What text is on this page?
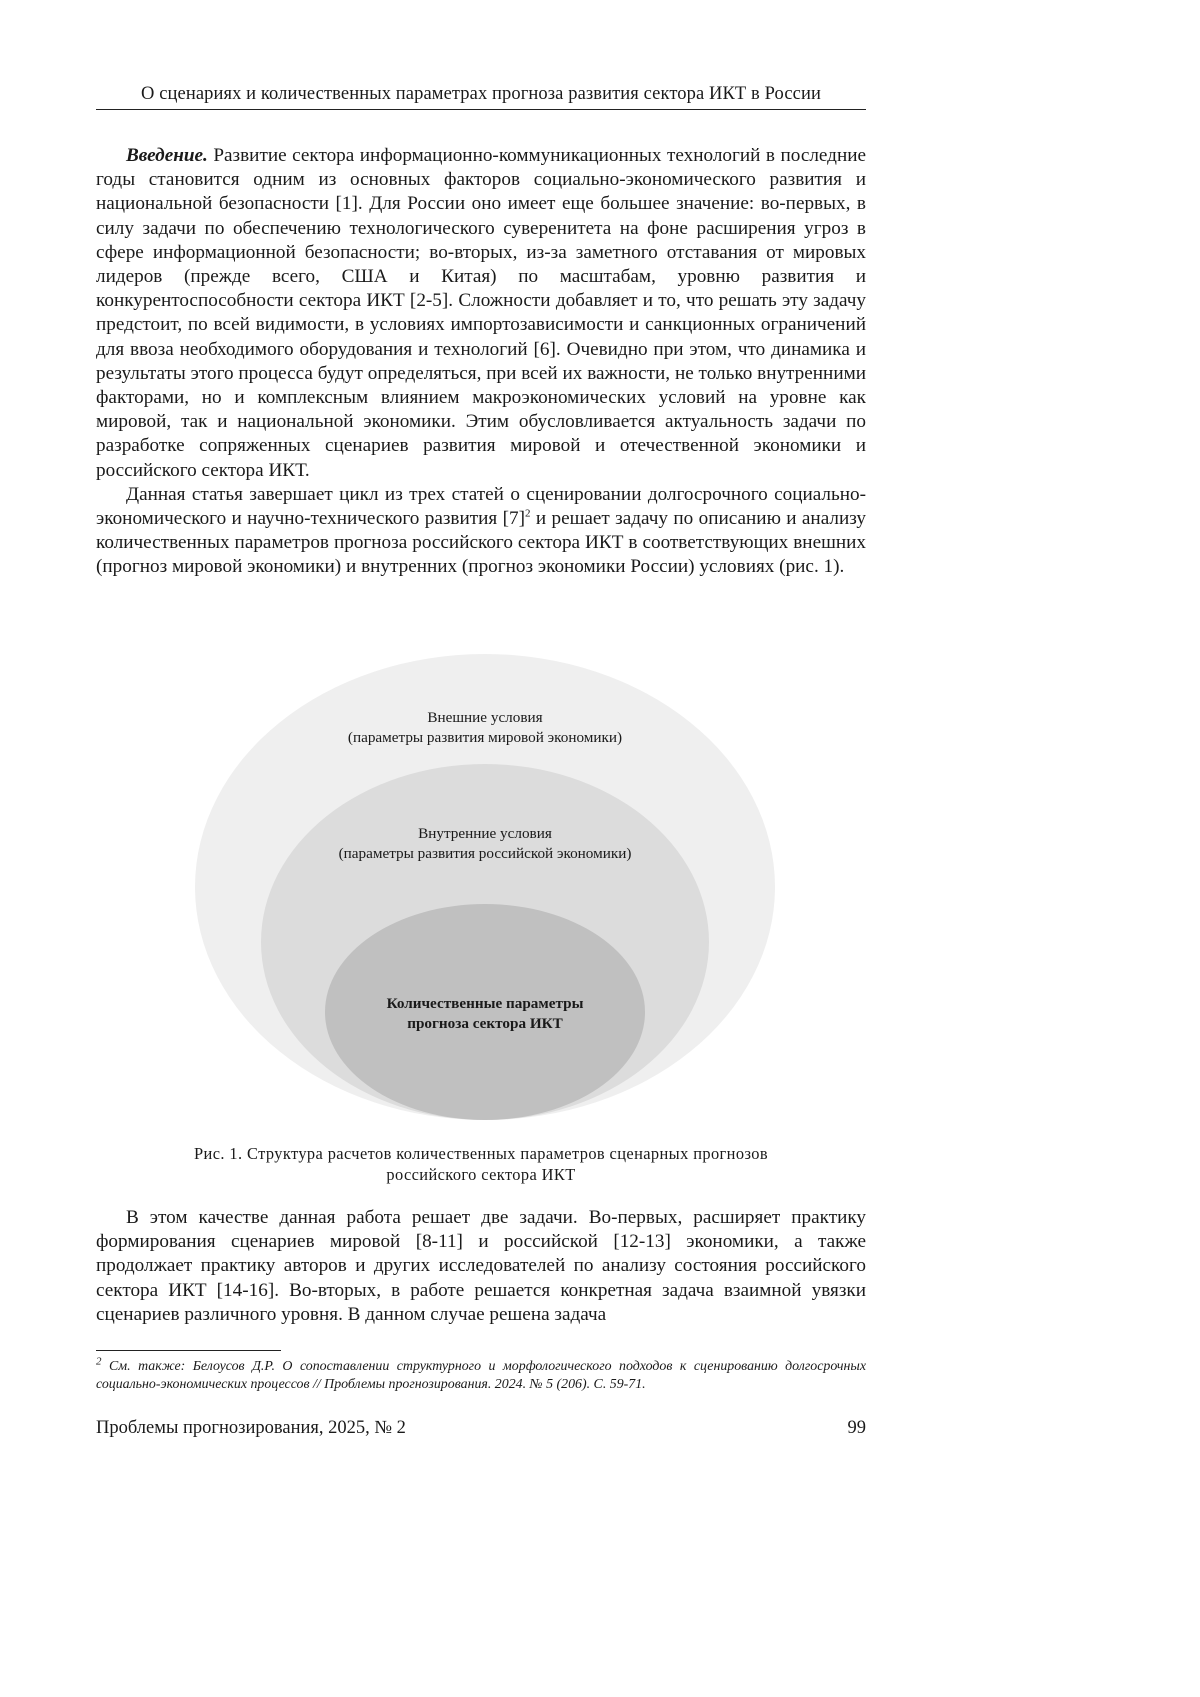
О сценариях и количественных параметрах прогноза развития сектора ИКТ в России

Введение. Развитие сектора информационно-коммуникационных технологий в последние годы становится одним из основных факторов социально-экономического развития и национальной безопасности [1]. Для России оно имеет еще большее значение: во-первых, в силу задачи по обеспечению технологического суверенитета на фоне расширения угроз в сфере информационной безопасности; во-вторых, из-за заметного отставания от мировых лидеров (прежде всего, США и Китая) по масштабам, уровню развития и конкурентоспособности сектора ИКТ [2-5]. Сложности добавляет и то, что решать эту задачу предстоит, по всей видимости, в условиях импортозависимости и санкционных ограничений для ввоза необходимого оборудования и технологий [6]. Очевидно при этом, что динамика и результаты этого процесса будут определяться, при всей их важности, не только внутренними факторами, но и комплексным влиянием макроэкономических условий на уровне как мировой, так и национальной экономики. Этим обусловливается актуальность задачи по разработке сопряженных сценариев развития мировой и отечественной экономики и российского сектора ИКТ.

Данная статья завершает цикл из трех статей о сценировании долгосрочного социально-экономического и научно-технического развития $[7]^2$ и решает задачу по описанию и анализу количественных параметров прогноза российского сектора ИКТ в соответствующих внешних (прогноз мировой экономики) и внутренних (прогноз экономики России) условиях (рис. 1).

Внешние условия
(параметры развития мировой экономики)
Внутренние условия
(параметры развития российской экономики)
Количественные параметры
прогноза сектора ИКТ
Рис. 1. Структура расчетов количественных параметров сценарных прогнозов
российского сектора ИКТ

В этом качестве данная работа решает две задачи. Во-первых, расширяет практику формирования сценариев мировой [8-11] и российской [12-13] экономики, а также продолжает практику авторов и других исследователей по анализу состояния российского сектора ИКТ [14-16]. Во-вторых, в работе решается конкретная задача взаимной увязки сценариев различного уровня. В данном случае решена задача

$^2$ См. также: Белоусов Д.Р. О сопоставлении структурного и морфологического подходов к сценированию долгосрочных социально-экономических процессов // Проблемы прогнозирования. 2024. № 5 (206). С. 59-71.
Проблемы прогнозирования, 2025, № 2	99
